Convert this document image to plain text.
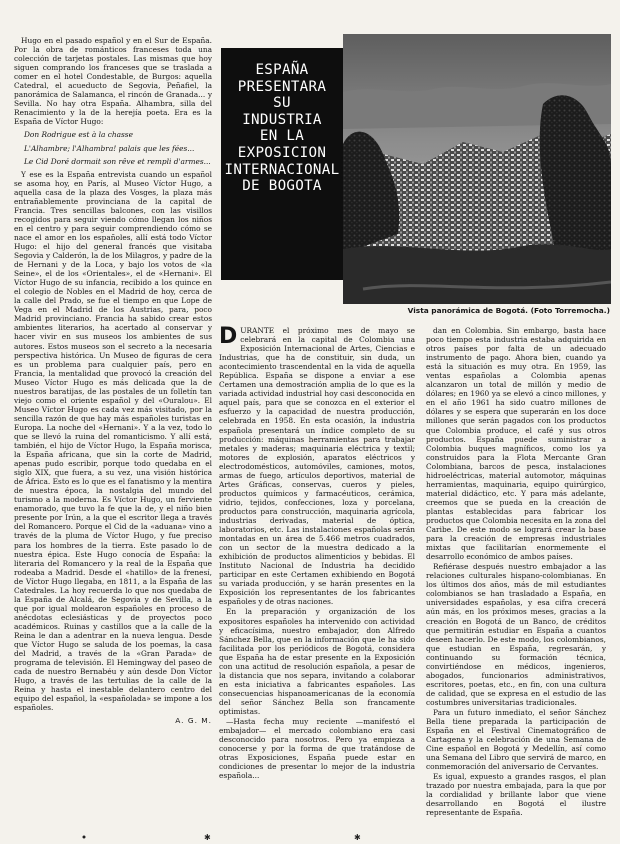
Hugo en el pasado español y en el Sur de España. Por la obra de románticos franceses toda una colección de tarjetas postales. Las mismas que hoy siguen comprando los franceses que se traslada a comer en el hotel Condestable, de Burgos: aquella Catedral, el acueducto de Segovia, Peñafiel, la panorámica de Salamanca, el rincón de Granada... y Sevilla. No hay otra España. Alhambra, silla del Renacimiento y la de la herejía poeta. Era es la España de Víctor Hugo:

Don Rodrigue est à la chasse

L'Alhambre; l'Alhambra! palais que les fées...

Le Cid Doré dormait son rêve et rempli d'armes...

Y ese es la España entrevista cuando un español se asoma hoy, en París, al Museo Víctor Hugo, a aquella casa de la plaza des Vosges, la plaza más entrañablemente provinciana de la capital de Francia. Tres sencillas balcones, con las visillos recogidos para seguir viendo cómo llegan los niños en el centro y para seguir comprendiendo cómo se nace el amor en los españoles, allí está todo Víctor Hugo: el hijo del general francés que visitaba Segovia y Calderón, la de los Milagros, y padre de la de Hernani y de la Loca, y bajo los votos de «la Seine», el de los «Orientales», el de «Hernani». El Víctor Hugo de su infancia, recibido a los quince en el colegio de Nobles en el Madrid de hoy, cerca de la calle del Prado, se fue el tiempo en que Lope de Vega en el Madrid de los Austrias, para, poco Madrid provinciano. Francia ha sabido crear estos ambientes literarios, ha acertado al conservar y hacer vivir en sus museos los ambientes de sus autores. Estos museos son el secreto a la necesaria perspectiva histórica. Un Museo de figuras de cera es un problema para cualquier país, pero en Francia, la mentalidad que provocó la creación del Museo Víctor Hugo es más delicada que la de nuestros baratijas, de las postales de un folletín tan viejo como el oriente español y del «Ouralou». El Museo Víctor Hugo es cada vez más visitado, por la sencilla razón de que hay más españoles turistas en Europa. La noche del «Hernani». Y a la vez, todo lo que se llevó la ruina del romanticismo. Y allí está, también, el hijo de Víctor Hugo, la España morisca, la España africana, que sin la corte de Madrid, apenas pudo escribir, porque todo quedaba en el siglo XIX, que fuera, a su vez, una visión histórica de África. Esto es lo que es el fanatismo y la mentira de nuestra época, la nostalgia del mundo del turismo a la moderna. Es Víctor Hugo, un ferviente enamorado, que tuvo la fe que la de, y el niño bien presente por Irún, a la que el escritor llega a través del Romancero. Porque el Cid de la «aduana» vino a través de la pluma de Víctor Hugo, y fue preciso para los hombres de la tierra. Este pasado lo de nuestra épica. Este Hugo conocía de España: la literaria del Romancero y la real de la España que rodeaba a Madrid. Desde el «hatillo» de la frenesí, de Víctor Hugo llegaba, en 1811, a la España de las Catedrales. La hoy recuerda lo que nos quedaba de la España de Alcalá, de Segovia y de Sevilla, a la que por igual moldearon españoles en proceso de anécdotas eclesiásticas y de proyectos poco académicos. Ruinas y castillos que a la calle de la Reina le dan a adentrar en la nueva lengua. Desde que Víctor Hugo se saluda de los poemas, la casa del Madrid, a través de la «Gran Parada» de programa de televisión. El Hemingway del paseo de cada de nuestro Bernabéu y aún desde Don Víctor Hugo, a través de las tertulias de la calle de la Reina y hasta el inestable delantero centro del equipo del español, la «españolada» se impone a los españoles.

A. G. M.

ESPAÑA
PRESENTARA
SU
INDUSTRIA
EN LA
EXPOSICION
INTERNACIONAL
DE BOGOTA
Vista panorámica de Bogotá. (Foto Torremocha.)
D URANTE el próximo mes de mayo se celebrará en la capital de Colombia una Exposición Internacional de Artes, Ciencias e Industrias, que ha de constituir, sin duda, un acontecimiento trascendental en la vida de aquella República. España se dispone a enviar a ese Certamen una demostración amplia de lo que es la variada actividad industrial hoy casi desconocida en aquel país, para que se conozca en el exterior el esfuerzo y la capacidad de nuestra producción, celebrada en 1958. En esta ocasión, la industria española presentará un índice completo de su producción: máquinas herramientas para trabajar metales y maderas; maquinaria eléctrica y textil; motores de explosión, aparatos eléctricos y electrodomésticos, automóviles, camiones, motos, armas de fuego, artículos deportivos, material de Artes Gráficas, conservas, cueros y pieles, productos químicos y farmacéuticos, cerámica, vidrio, tejidos, confecciones, loza y porcelana, productos para construcción, maquinaria agrícola, industrias derivadas, material de óptica, laboratorios, etc. Las instalaciones españolas serán montadas en un área de 5.466 metros cuadrados, con un sector de la muestra dedicado a la exhibición de productos alimenticios y bebidas. El Instituto Nacional de Industria ha decidido participar en este Certamen exhibiendo en Bogotá su variada producción, y se harán presentes en la Exposición los representantes de los fabricantes españoles y de otras naciones.

En la preparación y organización de los expositores españoles ha intervenido con actividad y eficacísima, nuestro embajador, don Alfredo Sánchez Bella, que en la información que le ha sido facilitada por los periódicos de Bogotá, considera que España ha de estar presente en la Exposición con una actitud de resolución española, a pesar de la distancia que nos separa, invitando a colaborar en esta iniciativa a fabricantes españoles. Las consecuencias hispanoamericanas de la economía del señor Sánchez Bella son francamente optimistas.

—Hasta fecha muy reciente —manifestó el embajador— el mercado colombiano era casi desconocido para nosotros. Pero ya empieza a conocerse y por la forma de que tratándose de otras Exposiciones, España puede estar en condiciones de presentar lo mejor de la industria española...

dan en Colombia. Sin embargo, basta hace poco tiempo esta industria estaba adquirida en otros países por falta de un adecuado instrumento de pago. Ahora bien, cuando ya está la situación es muy otra. En 1959, las ventas españolas a Colombia apenas alcanzaron un total de millón y medio de dólares; en 1960 ya se elevó a cinco millones, y en el año 1961 ha sido cuatro millones de dólares y se espera que superarán en los doce millones que serán pagados con los productos que Colombia produce, el café y sus otros productos. España puede suministrar a Colombia buques magníficos, como los ya construidos para la Flota Mercante Gran Colombiana, barcos de pesca, instalaciones hidroeléctricas, material automotor, máquinas herramientas, maquinaria, equipo quirúrgico, material didáctico, etc. Y para más adelante, creemos que se pueda en la creación de plantas establecidas para fabricar los productos que Colombia necesita en la zona del Caribe. De este modo se logrará crear la base para la creación de empresas industriales mixtas que facilitarían enormemente el desarrollo económico de ambos países.

Refiérase después nuestro embajador a las relaciones culturales hispano-colombianas. En los últimos dos años, más de mil estudiantes colombianos se han trasladado a España, en universidades españolas, y esa cifra crecerá aún más, en los próximos meses, gracias a la creación en Bogotá de un Banco, de créditos que permitirán estudiar en España a cuantos deseen hacerlo. De este modo, los colombianos, que estudian en España, regresarán, y continuando su formación técnica, convirtiéndose en médicos, ingenieros, abogados, funcionarios administrativos, escritores, poetas, etc., en fin, con una cultura de calidad, que se expresa en el estudio de las costumbres universitarias tradicionales.

Para un futuro inmediato, el señor Sánchez Bella tiene preparada la participación de España en el Festival Cinematográfico de Cartagena y la celebración de una Semana de Cine español en Bogotá y Medellín, así como una Semana del Libro que servirá de marco, en conmemoración del aniversario de Cervantes.

Es igual, expuesto a grandes rasgos, el plan trazado por nuestra embajada, para la que por la cordialidad y brillante labor que viene desarrollando en Bogotá el ilustre representante de España.

✱	✱
